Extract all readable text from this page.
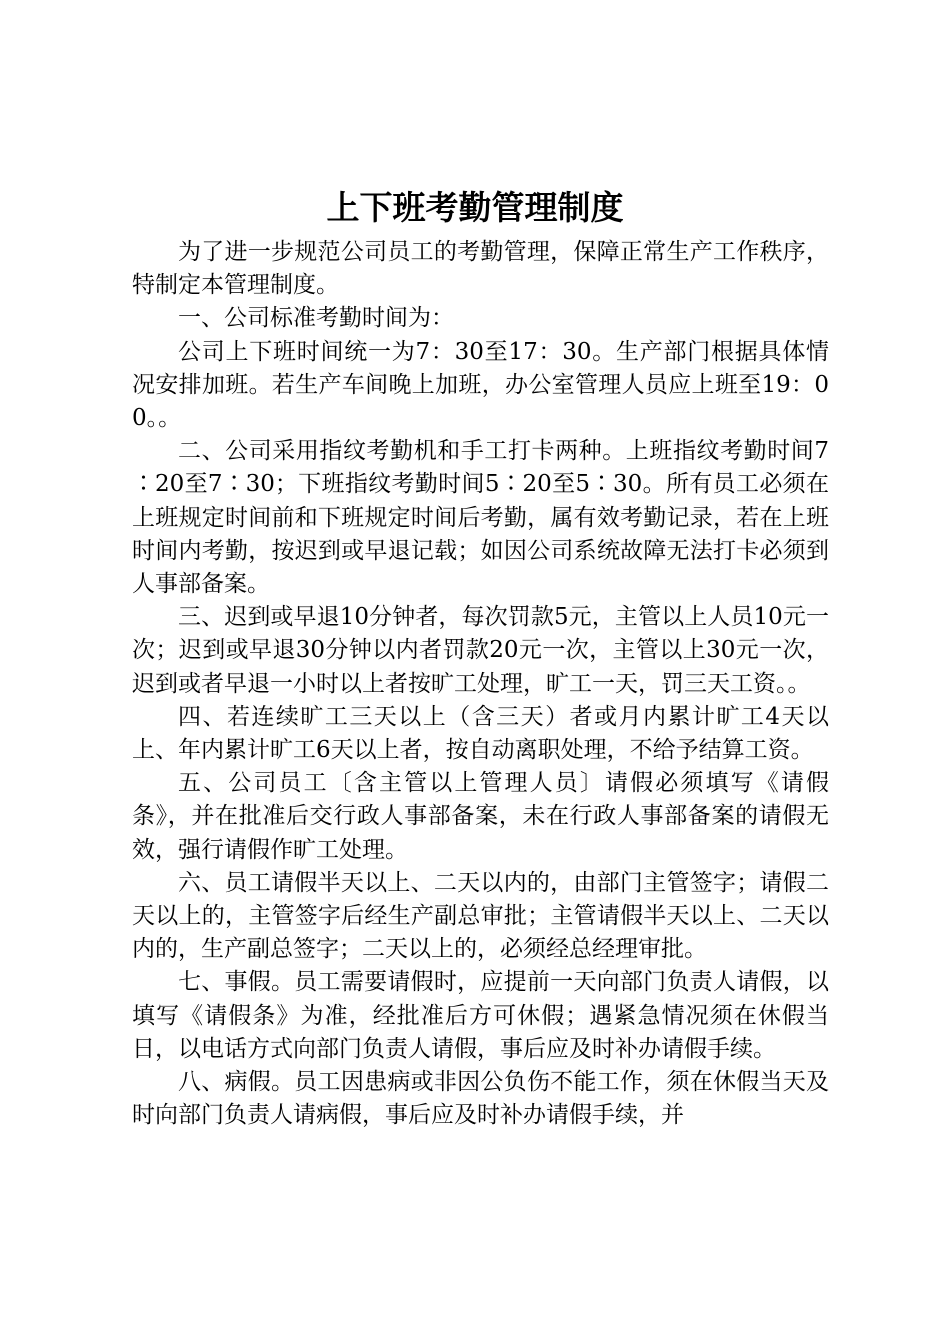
上下班考勤管理制度

为了进一步规范公司员工的考勤管理，保障正常生产工作秩序，特制定本管理制度。

一、公司标准考勤时间为：

公司上下班时间统一为7：30至17：30。生产部门根据具体情况安排加班。若生产车间晚上加班，办公室管理人员应上班至19：00。。

二、公司采用指纹考勤机和手工打卡两种。上班指纹考勤时间7∶20至7∶30；下班指纹考勤时间5∶20至5∶30。所有员工必须在上班规定时间前和下班规定时间后考勤，属有效考勤记录，若在上班时间内考勤，按迟到或早退记载；如因公司系统故障无法打卡必须到人事部备案。

三、迟到或早退10分钟者，每次罚款5元，主管以上人员10元一次；迟到或早退30分钟以内者罚款20元一次，主管以上30元一次，迟到或者早退一小时以上者按旷工处理，旷工一天，罚三天工资。。

四、若连续旷工三天以上（含三天）者或月内累计旷工4天以上、年内累计旷工6天以上者，按自动离职处理，不给予结算工资。

五、公司员工〔含主管以上管理人员〕请假必须填写《请假条》，并在批准后交行政人事部备案，未在行政人事部备案的请假无效，强行请假作旷工处理。

六、员工请假半天以上、二天以内的，由部门主管签字；请假二天以上的，主管签字后经生产副总审批；主管请假半天以上、二天以内的，生产副总签字；二天以上的，必须经总经理审批。

七、事假。员工需要请假时，应提前一天向部门负责人请假，以填写《请假条》为准，经批准后方可休假；遇紧急情况须在休假当日，以电话方式向部门负责人请假，事后应及时补办请假手续。

八、病假。员工因患病或非因公负伤不能工作，须在休假当天及时向部门负责人请病假，事后应及时补办请假手续，并
